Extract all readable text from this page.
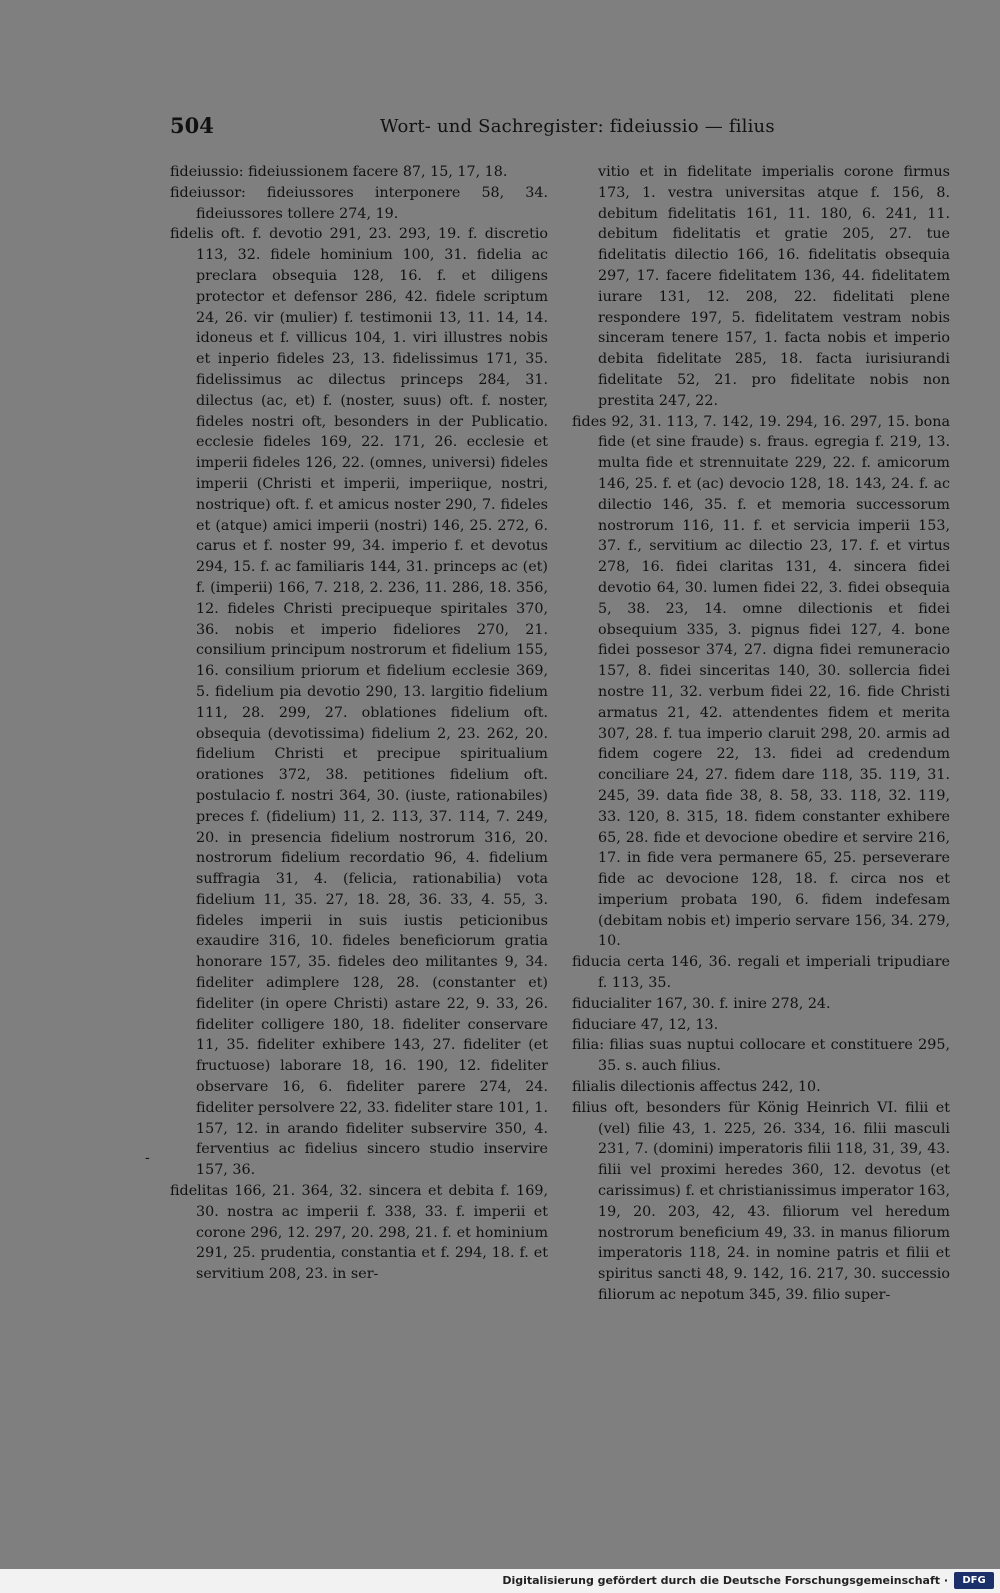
504	Wort- und Sachregister: fideiussio — filius

fideiussio: fideiussionem facere 87, 15, 17, 18.

fideiussor: fideiussores interponere 58, 34. fideiussores tollere 274, 19.

fidelis oft. f. devotio 291, 23. 293, 19. f. discretio 113, 32. fidele hominium 100, 31. fidelia ac preclara obsequia 128, 16. f. et diligens protector et defensor 286, 42. fidele scriptum 24, 26. vir (mulier) f. testimonii 13, 11. 14, 14. idoneus et f. villicus 104, 1. viri illustres nobis et inperio fideles 23, 13. fidelissimus 171, 35. fidelissimus ac dilectus princeps 284, 31. dilectus (ac, et) f. (noster, suus) oft. f. noster, fideles nostri oft, besonders in der Publicatio. ecclesie fideles 169, 22. 171, 26. ecclesie et imperii fideles 126, 22. (omnes, universi) fideles imperii (Christi et imperii, imperiique, nostri, nostrique) oft. f. et amicus noster 290, 7. fideles et (atque) amici imperii (nostri) 146, 25. 272, 6. carus et f. noster 99, 34. imperio f. et devotus 294, 15. f. ac familiaris 144, 31. princeps ac (et) f. (imperii) 166, 7. 218, 2. 236, 11. 286, 18. 356, 12. fideles Christi precipueque spiritales 370, 36. nobis et imperio fideliores 270, 21. consilium principum nostrorum et fidelium 155, 16. consilium priorum et fidelium ecclesie 369, 5. fidelium pia devotio 290, 13. largitio fidelium 111, 28. 299, 27. oblationes fidelium oft. obsequia (devotissima) fidelium 2, 23. 262, 20. fidelium Christi et precipue spiritualium orationes 372, 38. petitiones fidelium oft. postulacio f. nostri 364, 30. (iuste, rationabiles) preces f. (fidelium) 11, 2. 113, 37. 114, 7. 249, 20. in presencia fidelium nostrorum 316, 20. nostrorum fidelium recordatio 96, 4. fidelium suffragia 31, 4. (felicia, rationabilia) vota fidelium 11, 35. 27, 18. 28, 36. 33, 4. 55, 3. fideles imperii in suis iustis peticionibus exaudire 316, 10. fideles beneficiorum gratia honorare 157, 35. fideles deo militantes 9, 34. fideliter adimplere 128, 28. (constanter et) fideliter (in opere Christi) astare 22, 9. 33, 26. fideliter colligere 180, 18. fideliter conservare 11, 35. fideliter exhibere 143, 27. fideliter (et fructuose) laborare 18, 16. 190, 12. fideliter observare 16, 6. fideliter parere 274, 24. fideliter persolvere 22, 33. fideliter stare 101, 1. 157, 12. in arando fideliter subservire 350, 4. ferventius ac fidelius sincero studio inservire 157, 36.

fidelitas 166, 21. 364, 32. sincera et debita f. 169, 30. nostra ac imperii f. 338, 33. f. imperii et corone 296, 12. 297, 20. 298, 21. f. et hominium 291, 25. prudentia, constantia et f. 294, 18. f. et servitium 208, 23. in ser-

-

vitio et in fidelitate imperialis corone firmus 173, 1. vestra universitas atque f. 156, 8. debitum fidelitatis 161, 11. 180, 6. 241, 11. debitum fidelitatis et gratie 205, 27. tue fidelitatis dilectio 166, 16. fidelitatis obsequia 297, 17. facere fidelitatem 136, 44. fidelitatem iurare 131, 12. 208, 22. fidelitati plene respondere 197, 5. fidelitatem vestram nobis sinceram tenere 157, 1. facta nobis et imperio debita fidelitate 285, 18. facta iurisiurandi fidelitate 52, 21. pro fidelitate nobis non prestita 247, 22.

fides 92, 31. 113, 7. 142, 19. 294, 16. 297, 15. bona fide (et sine fraude) s. fraus. egregia f. 219, 13. multa fide et strennuitate 229, 22. f. amicorum 146, 25. f. et (ac) devocio 128, 18. 143, 24. f. ac dilectio 146, 35. f. et memoria successorum nostrorum 116, 11. f. et servicia imperii 153, 37. f., servitium ac dilectio 23, 17. f. et virtus 278, 16. fidei claritas 131, 4. sincera fidei devotio 64, 30. lumen fidei 22, 3. fidei obsequia 5, 38. 23, 14. omne dilectionis et fidei obsequium 335, 3. pignus fidei 127, 4. bone fidei possesor 374, 27. digna fidei remuneracio 157, 8. fidei sinceritas 140, 30. sollercia fidei nostre 11, 32. verbum fidei 22, 16. fide Christi armatus 21, 42. attendentes fidem et merita 307, 28. f. tua imperio claruit 298, 20. armis ad fidem cogere 22, 13. fidei ad credendum conciliare 24, 27. fidem dare 118, 35. 119, 31. 245, 39. data fide 38, 8. 58, 33. 118, 32. 119, 33. 120, 8. 315, 18. fidem constanter exhibere 65, 28. fide et devocione obedire et servire 216, 17. in fide vera permanere 65, 25. perseverare fide ac devocione 128, 18. f. circa nos et imperium probata 190, 6. fidem indefesam (debitam nobis et) imperio servare 156, 34. 279, 10.

fiducia certa 146, 36. regali et imperiali tripudiare f. 113, 35.

fiducialiter 167, 30. f. inire 278, 24.

fiduciare 47, 12, 13.

filia: filias suas nuptui collocare et constituere 295, 35. s. auch filius.

filialis dilectionis affectus 242, 10.

filius oft, besonders für König Heinrich VI. filii et (vel) filie 43, 1. 225, 26. 334, 16. filii masculi 231, 7. (domini) imperatoris filii 118, 31, 39, 43. filii vel proximi heredes 360, 12. devotus (et carissimus) f. et christianissimus imperator 163, 19, 20. 203, 42, 43. filiorum vel heredum nostrorum beneficium 49, 33. in manus filiorum imperatoris 118, 24. in nomine patris et filii et spiritus sancti 48, 9. 142, 16. 217, 30. successio filiorum ac nepotum 345, 39. filio super-

Digitalisierung gefördert durch die Deutsche Forschungsgemeinschaft ·	DFG
